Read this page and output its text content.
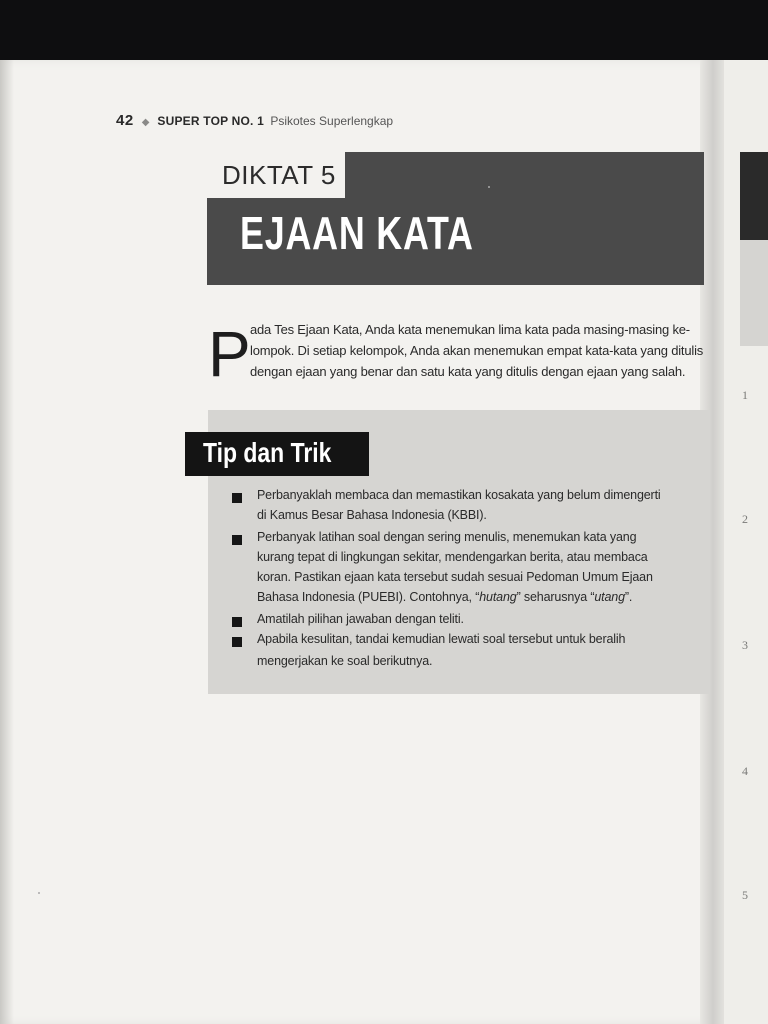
1
2
3
4
5
42 ◆ SUPER TOP NO. 1 Psikotes Superlengkap
DIKTAT 5
EJAAN KATA
P ada Tes Ejaan Kata, Anda kata menemukan lima kata pada masing-masing ke-
lompok. Di setiap kelompok, Anda akan menemukan empat kata-kata yang ditulis
dengan ejaan yang benar dan satu kata yang ditulis dengan ejaan yang salah.
Tip dan Trik
Perbanyaklah membaca dan memastikan kosakata yang belum dimengerti
di Kamus Besar Bahasa Indonesia (KBBI).
Perbanyak latihan soal dengan sering menulis, menemukan kata yang
kurang tepat di lingkungan sekitar, mendengarkan berita, atau membaca
koran. Pastikan ejaan kata tersebut sudah sesuai Pedoman Umum Ejaan
Bahasa Indonesia (PUEBI). Contohnya, “hutang” seharusnya “utang”.
Amatilah pilihan jawaban dengan teliti.
Apabila kesulitan, tandai kemudian lewati soal tersebut untuk beralih
mengerjakan ke soal berikutnya.
